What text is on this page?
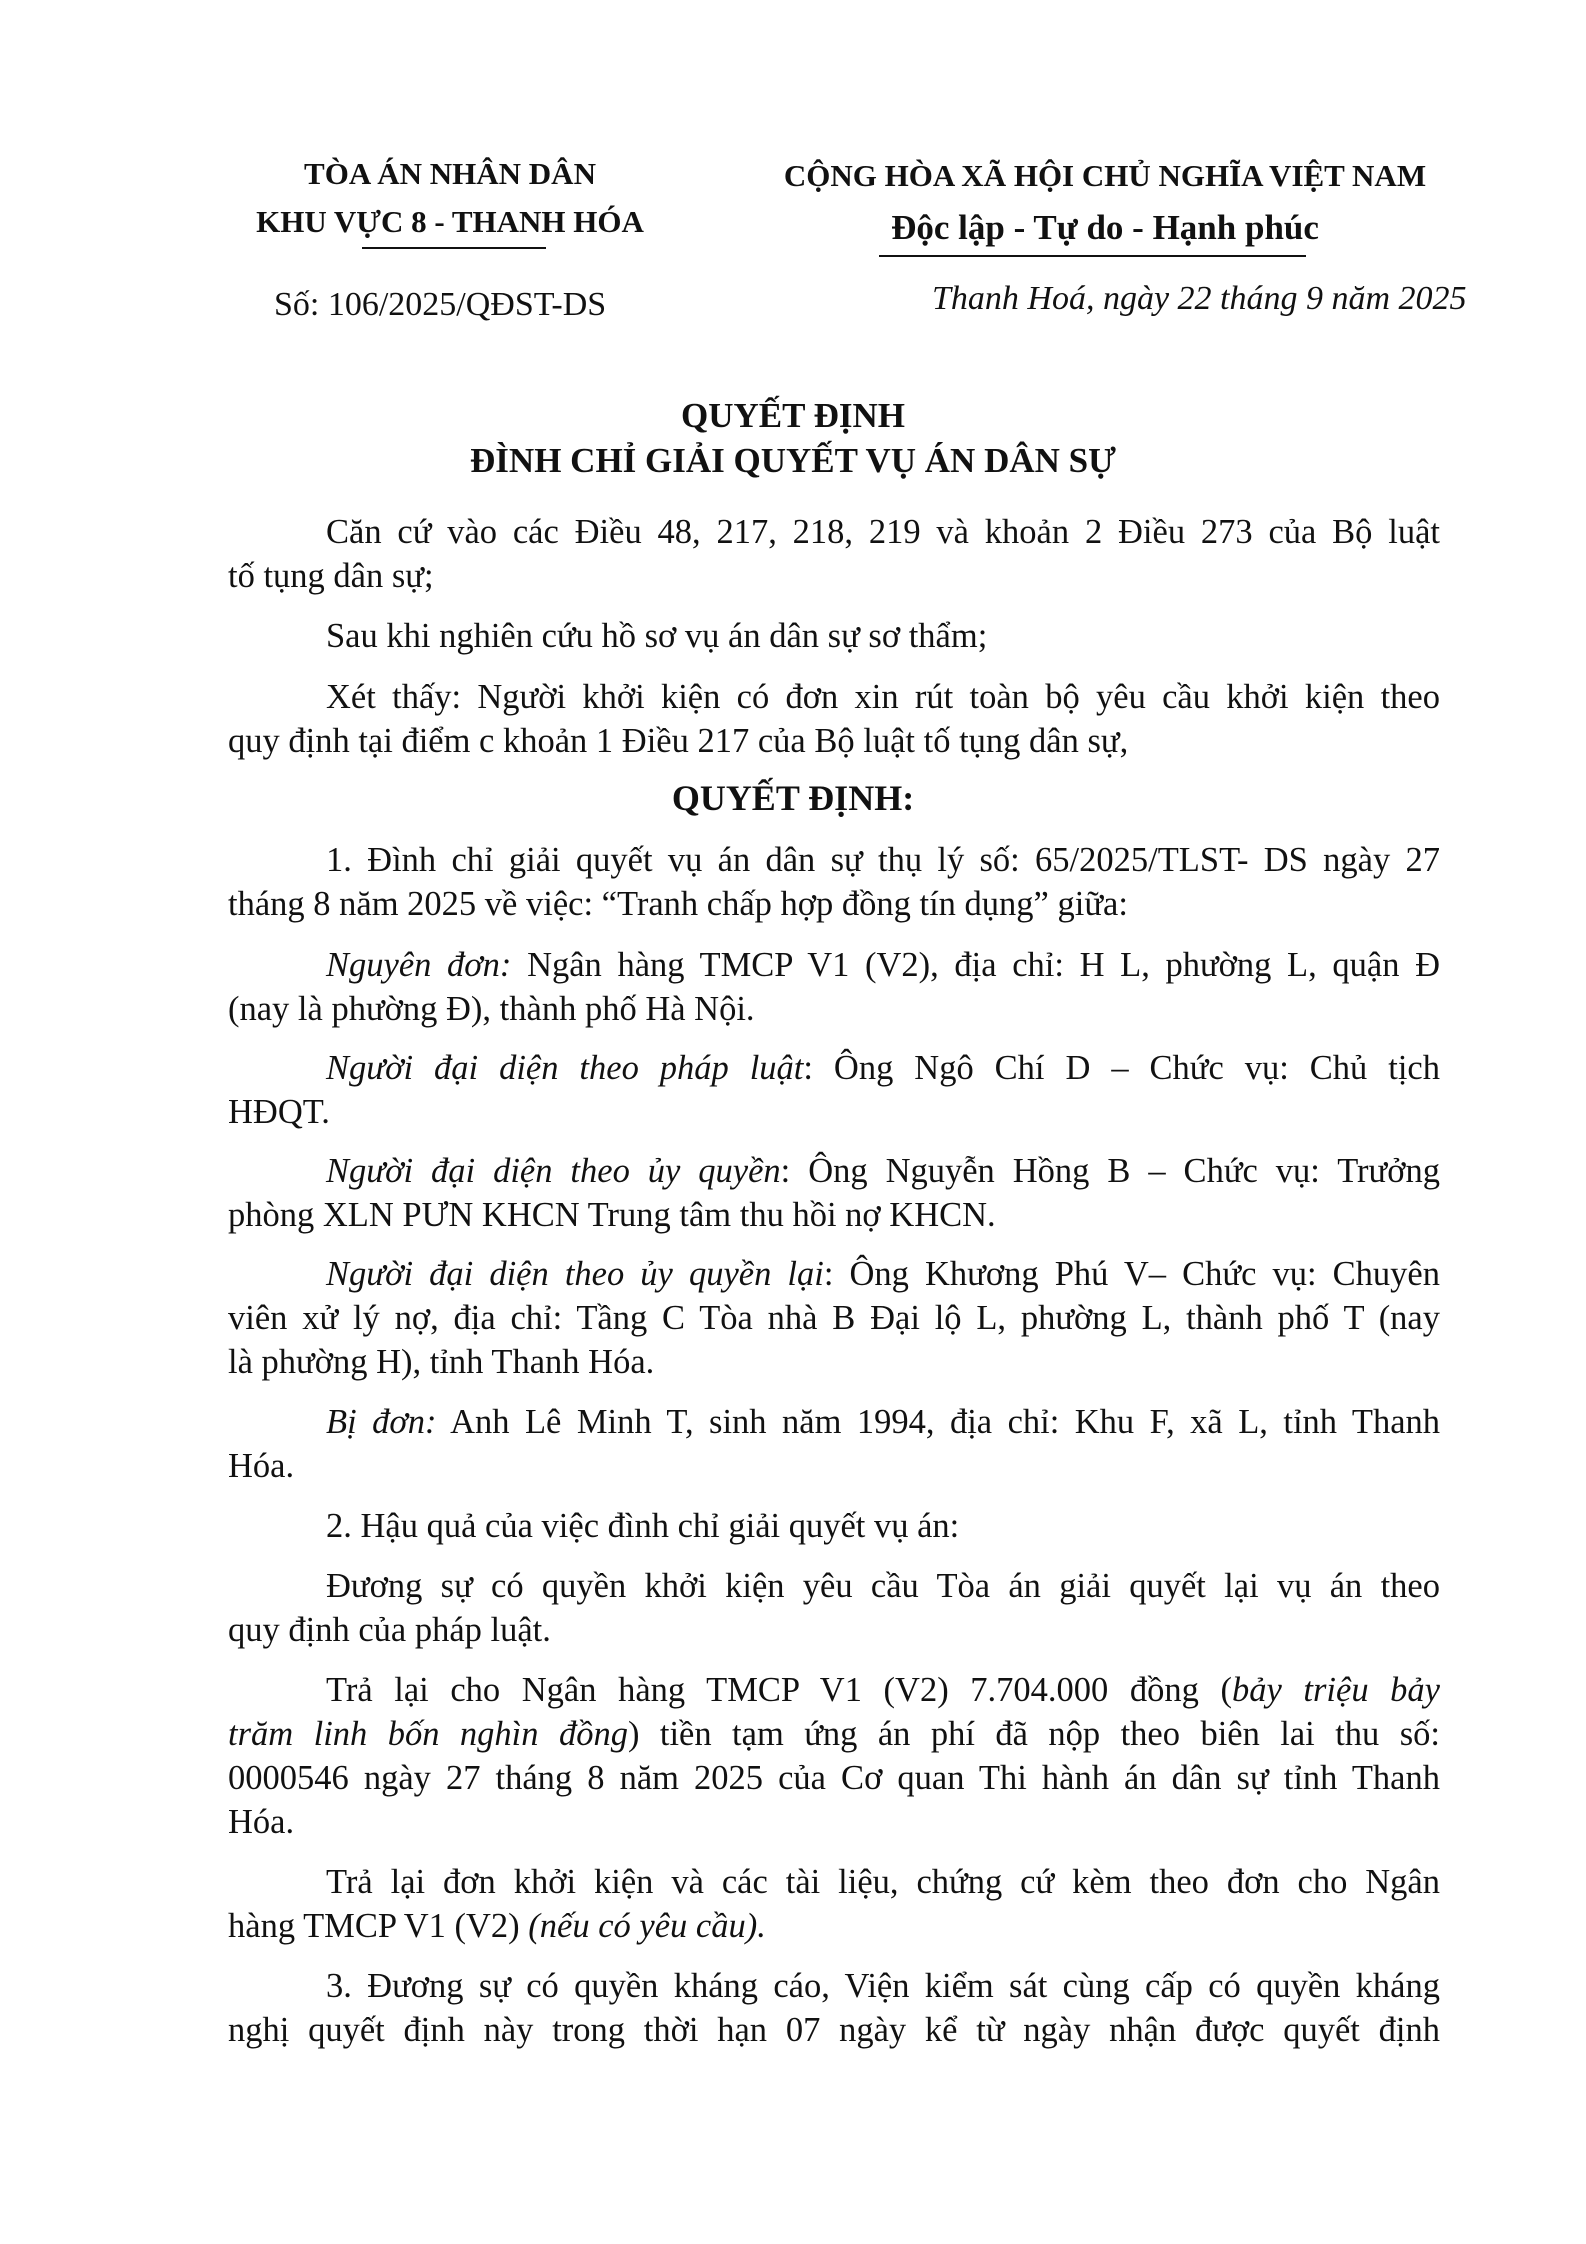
TÒA ÁN NHÂN DÂN
KHU VỰC 8 - THANH HÓA
CỘNG HÒA XÃ HỘI CHỦ NGHĨA VIỆT NAM
Độc lập - Tự do - Hạnh phúc
Số: 106/2025/QĐST-DS	Thanh Hoá, ngày 22 tháng 9 năm 2025
QUYẾT ĐỊNH
ĐÌNH CHỈ GIẢI QUYẾT VỤ ÁN DÂN SỰ
Căn cứ vào các Điều 48, 217, 218, 219 và khoản 2 Điều 273 của Bộ luật
tố tụng dân sự;
Sau khi nghiên cứu hồ sơ vụ án dân sự sơ thẩm;
Xét thấy: Người khởi kiện có đơn xin rút toàn bộ yêu cầu khởi kiện theo
quy định tại điểm c khoản 1 Điều 217 của Bộ luật tố tụng dân sự,
QUYẾT ĐỊNH:
1. Đình chỉ giải quyết vụ án dân sự thụ lý số: 65/2025/TLST- DS ngày 27
tháng 8 năm 2025 về việc: “Tranh chấp hợp đồng tín dụng” giữa:
Nguyên đơn: Ngân hàng TMCP V1 (V2), địa chỉ: H L, phường L, quận Đ
(nay là phường Đ), thành phố Hà Nội.
Người đại diện theo pháp luật: Ông Ngô Chí D – Chức vụ: Chủ tịch
HĐQT.
Người đại diện theo ủy quyền: Ông Nguyễn Hồng B – Chức vụ: Trưởng
phòng XLN PƯN KHCN Trung tâm thu hồi nợ KHCN.
Người đại diện theo ủy quyền lại: Ông Khương Phú V– Chức vụ: Chuyên
viên xử lý nợ, địa chỉ: Tầng C Tòa nhà B Đại lộ L, phường L, thành phố T (nay
là phường H), tỉnh Thanh Hóa.
Bị đơn: Anh Lê Minh T, sinh năm 1994, địa chỉ: Khu F, xã L, tỉnh Thanh
Hóa.
2. Hậu quả của việc đình chỉ giải quyết vụ án:
Đương sự có quyền khởi kiện yêu cầu Tòa án giải quyết lại vụ án theo
quy định của pháp luật.
Trả lại cho Ngân hàng TMCP V1 (V2) 7.704.000 đồng (bảy triệu bảy
trăm linh bốn nghìn đồng) tiền tạm ứng án phí đã nộp theo biên lai thu số:
0000546 ngày 27 tháng 8 năm 2025 của Cơ quan Thi hành án dân sự tỉnh Thanh
Hóa.
Trả lại đơn khởi kiện và các tài liệu, chứng cứ kèm theo đơn cho Ngân
hàng TMCP V1 (V2) (nếu có yêu cầu).
3. Đương sự có quyền kháng cáo, Viện kiểm sát cùng cấp có quyền kháng
nghị quyết định này trong thời hạn 07 ngày kể từ ngày nhận được quyết định
